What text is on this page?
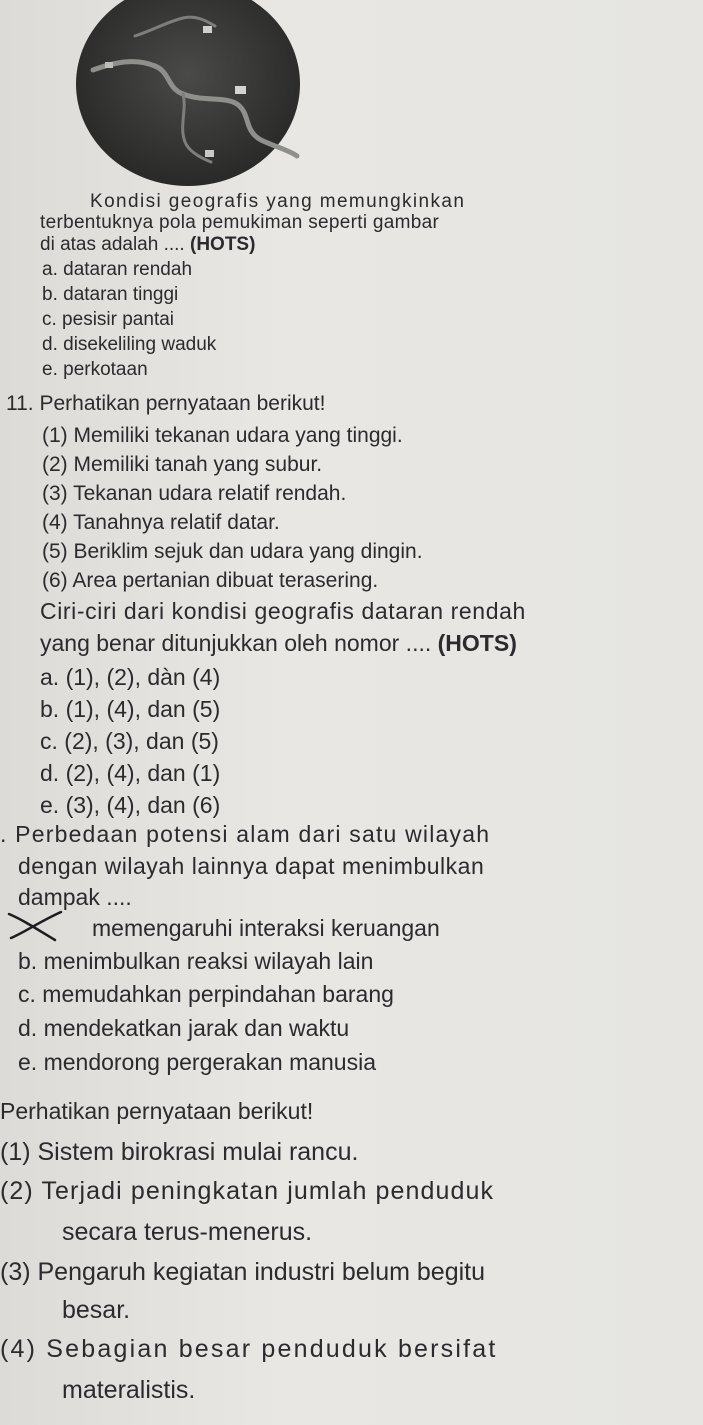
Kondisi geografis yang memungkinkan
terbentuknya pola pemukiman seperti gambar
di atas adalah .... (HOTS)
a. dataran rendah
b. dataran tinggi
c. pesisir pantai
d. disekeliling waduk
e. perkotaan
11. Perhatikan pernyataan berikut!
(1) Memiliki tekanan udara yang tinggi.
(2) Memiliki tanah yang subur.
(3) Tekanan udara relatif rendah.
(4) Tanahnya relatif datar.
(5) Beriklim sejuk dan udara yang dingin.
(6) Area pertanian dibuat terasering.
Ciri-ciri dari kondisi geografis dataran rendah
yang benar ditunjukkan oleh nomor .... (HOTS)
a. (1), (2), dàn (4)
b. (1), (4), dan (5)
c. (2), (3), dan (5)
d. (2), (4), dan (1)
e. (3), (4), dan (6)
. Perbedaan potensi alam dari satu wilayah
dengan wilayah lainnya dapat menimbulkan
dampak ....
memengaruhi interaksi keruangan
b. menimbulkan reaksi wilayah lain
c. memudahkan perpindahan barang
d. mendekatkan jarak dan waktu
e. mendorong pergerakan manusia
Perhatikan pernyataan berikut!
(1) Sistem birokrasi mulai rancu.
(2) Terjadi peningkatan jumlah penduduk
secara terus-menerus.
(3) Pengaruh kegiatan industri belum begitu
besar.
(4) Sebagian besar penduduk bersifat
materalistis.
